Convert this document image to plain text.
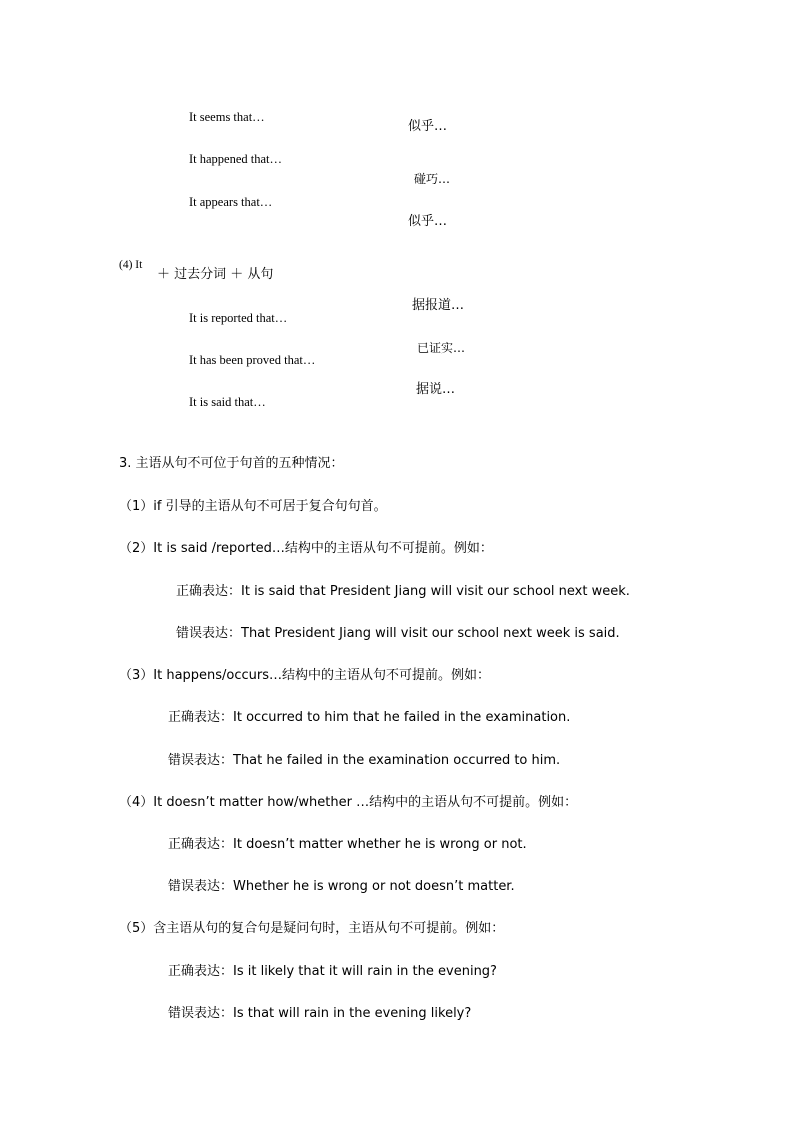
It seems that…
似乎…
It happened that…
碰巧…
It appears that…
似乎…
(4) It
＋ 过去分词 ＋ 从句
据报道…
It is reported that…
已证实…
It has been proved that…
据说…
It is said that…
3. 主语从句不可位于句首的五种情况：
（1）if 引导的主语从句不可居于复合句句首。
（2）It is said /reported…结构中的主语从句不可提前。例如：
正确表达：It is said that President Jiang will visit our school next week.
错误表达：That President Jiang will visit our school next week is said.
（3）It happens/occurs…结构中的主语从句不可提前。例如：
正确表达：It occurred to him that he failed in the examination.
错误表达：That he failed in the examination occurred to him.
（4）It doesn’t matter how/whether …结构中的主语从句不可提前。例如：
正确表达：It doesn’t matter whether he is wrong or not.
错误表达：Whether he is wrong or not doesn’t matter.
（5）含主语从句的复合句是疑问句时，主语从句不可提前。例如：
正确表达：Is it likely that it will rain in the evening?
错误表达：Is that will rain in the evening likely?
